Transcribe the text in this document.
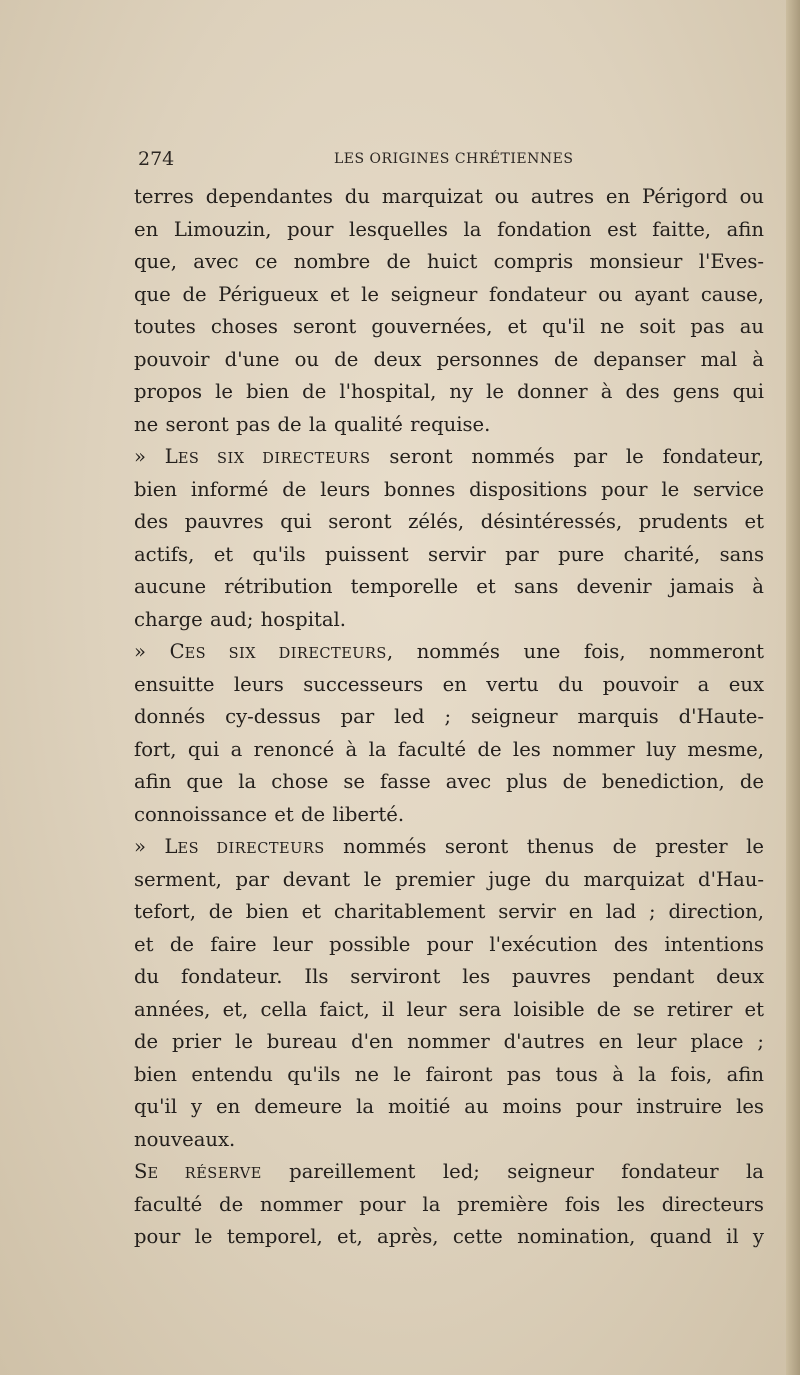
274	LES ORIGINES CHRÉTIENNES
terres dependantes du marquizat ou autres en Périgord ou
en Limouzin, pour lesquelles la fondation est faitte, afin
que, avec ce nombre de huict compris monsieur l'Eves-
que de Périgueux et le seigneur fondateur ou ayant cause,
toutes choses seront gouvernées, et qu'il ne soit pas au
pouvoir d'une ou de deux personnes de depanser mal à
propos le bien de l'hospital, ny le donner à des gens qui
ne seront pas de la qualité requise.
» LES SIX DIRECTEURS seront nommés par le fondateur,
bien informé de leurs bonnes dispositions pour le service
des pauvres qui seront zélés, désintéressés, prudents et
actifs, et qu'ils puissent servir par pure charité, sans
aucune rétribution temporelle et sans devenir jamais à
charge aud; hospital.
» CES SIX DIRECTEURS, nommés une fois, nommeront
ensuitte leurs successeurs en vertu du pouvoir a eux
donnés cy-dessus par led ; seigneur marquis d'Haute-
fort, qui a renoncé à la faculté de les nommer luy mesme,
afin que la chose se fasse avec plus de benediction, de
connoissance et de liberté.
» LES DIRECTEURS nommés seront thenus de prester le
serment, par devant le premier juge du marquizat d'Hau-
tefort, de bien et charitablement servir en lad ; direction,
et de faire leur possible pour l'exécution des intentions
du fondateur. Ils serviront les pauvres pendant deux
années, et, cella faict, il leur sera loisible de se retirer et
de prier le bureau d'en nommer d'autres en leur place ;
bien entendu qu'ils ne le fairont pas tous à la fois, afin
qu'il y en demeure la moitié au moins pour instruire les
nouveaux.
SE RÉSERVE pareillement led; seigneur fondateur la
faculté de nommer pour la première fois les directeurs
pour le temporel, et, après, cette nomination, quand il y
